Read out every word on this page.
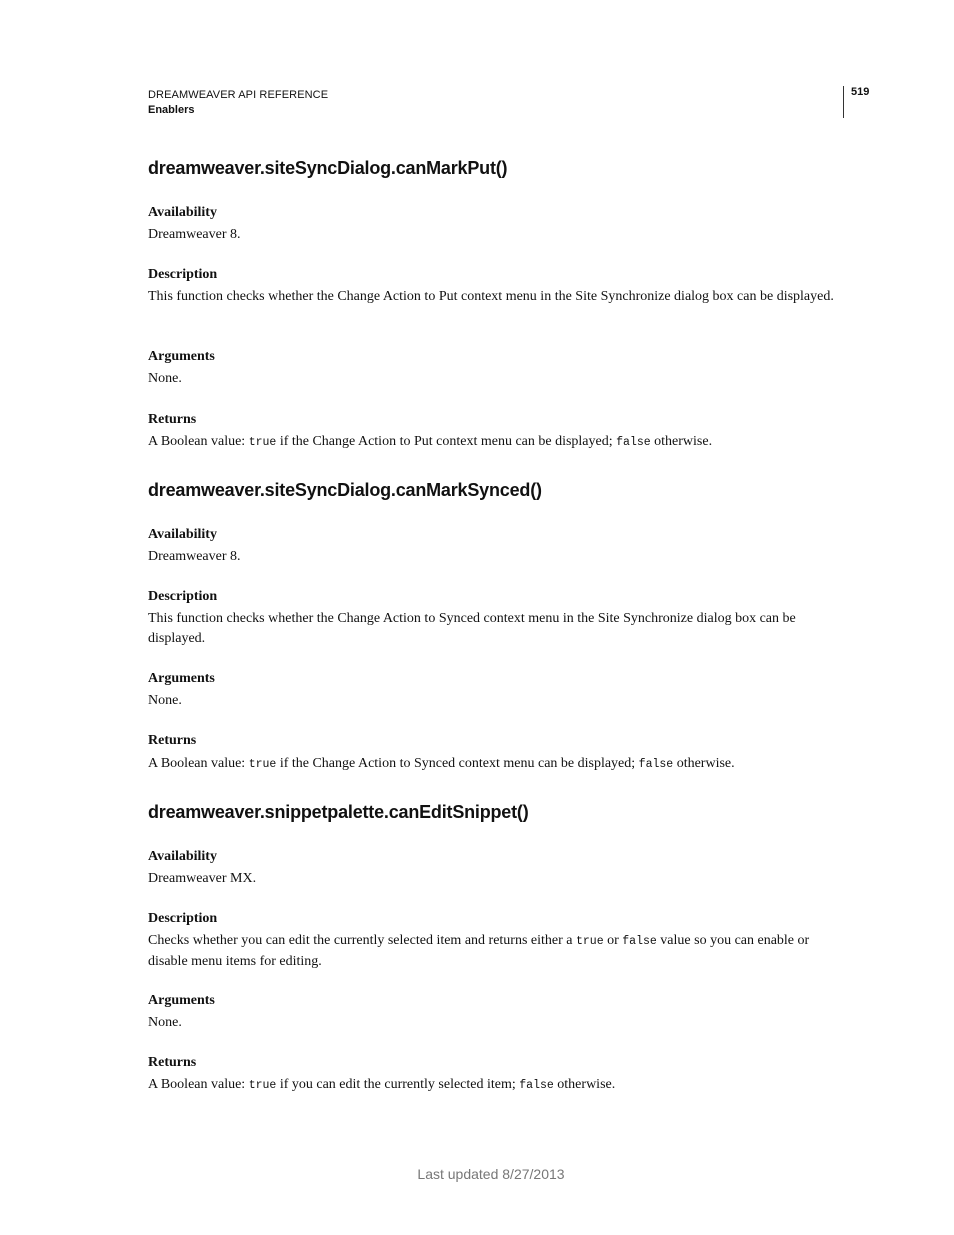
DREAMWEAVER API REFERENCE
Enablers
519
dreamweaver.siteSyncDialog.canMarkPut()
Availability
Dreamweaver 8.
Description
This function checks whether the Change Action to Put context menu in the Site Synchronize dialog box can be displayed.
Arguments
None.
Returns
A Boolean value: true if the Change Action to Put context menu can be displayed; false otherwise.
dreamweaver.siteSyncDialog.canMarkSynced()
Availability
Dreamweaver 8.
Description
This function checks whether the Change Action to Synced context menu in the Site Synchronize dialog box can be displayed.
Arguments
None.
Returns
A Boolean value: true if the Change Action to Synced context menu can be displayed; false otherwise.
dreamweaver.snippetpalette.canEditSnippet()
Availability
Dreamweaver MX.
Description
Checks whether you can edit the currently selected item and returns either a true or false value so you can enable or disable menu items for editing.
Arguments
None.
Returns
A Boolean value: true if you can edit the currently selected item; false otherwise.
Last updated 8/27/2013
